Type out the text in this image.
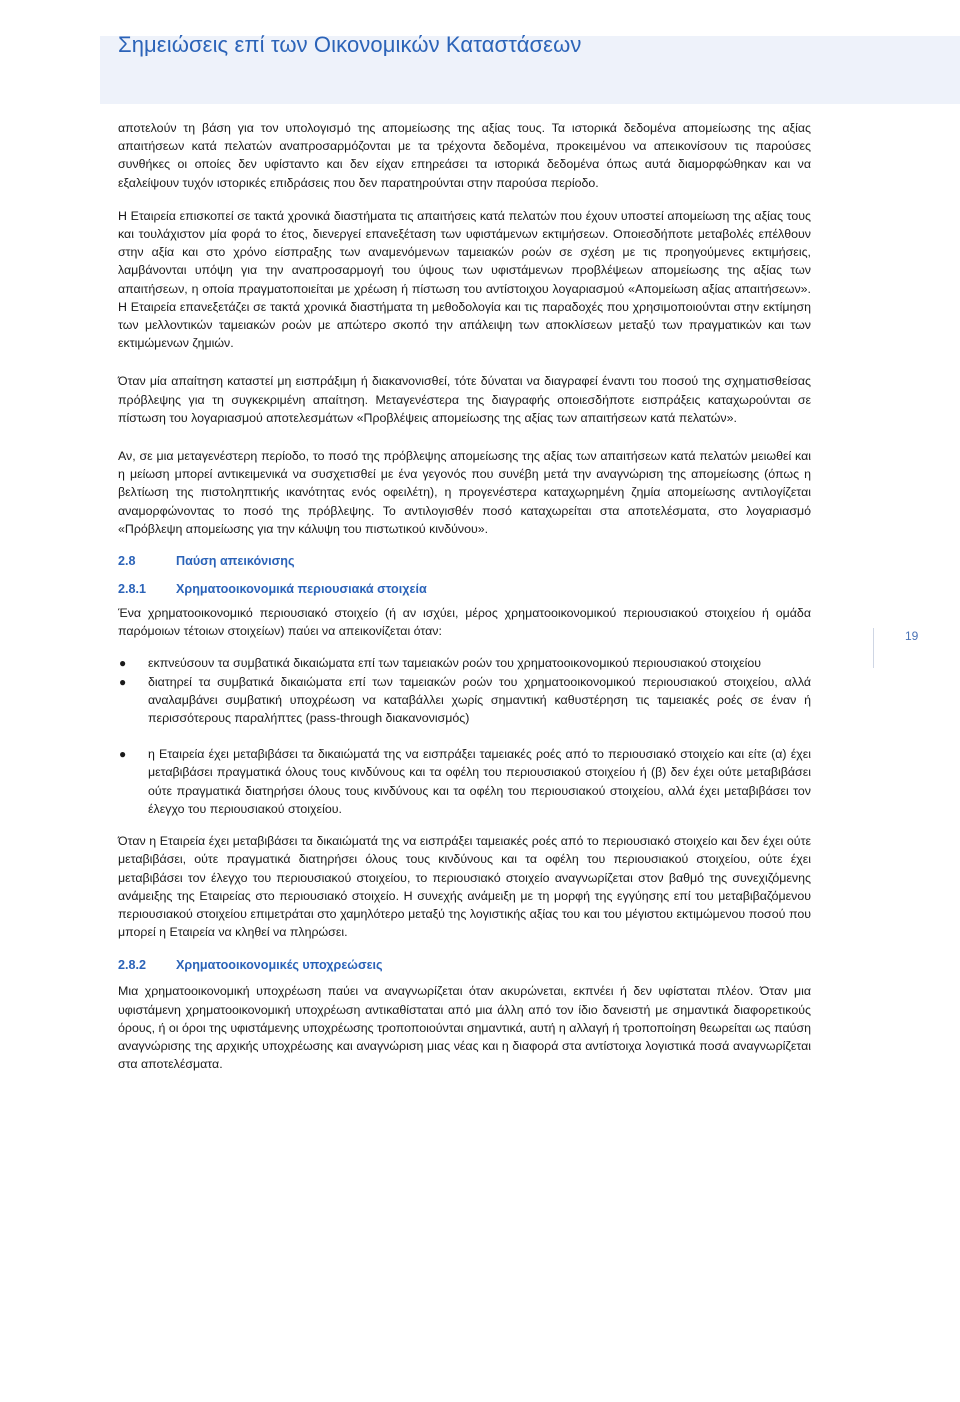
Σημειώσεις επί των Οικονομικών Καταστάσεων
19

αποτελούν τη βάση για τον υπολογισμό της απομείωσης της αξίας τους. Τα ιστορικά δεδομένα απομείωσης της αξίας απαιτήσεων κατά πελατών αναπροσαρμόζονται με τα τρέχοντα δεδομένα, προκειμένου να απεικονίσουν τις παρούσες συνθήκες οι οποίες δεν υφίσταντο και δεν είχαν επηρεάσει τα ιστορικά δεδομένα όπως αυτά διαμορφώθηκαν και να εξαλείψουν τυχόν ιστορικές επιδράσεις που δεν παρατηρούνται στην παρούσα περίοδο.

Η Εταιρεία επισκοπεί σε τακτά χρονικά διαστήματα τις απαιτήσεις κατά πελατών που έχουν υποστεί απομείωση της αξίας τους και τουλάχιστον μία φορά το έτος, διενεργεί επανεξέταση των υφιστάμενων εκτιμήσεων. Οποιεσδήποτε μεταβολές επέλθουν στην αξία και στο χρόνο είσπραξης των αναμενόμενων ταμειακών ροών σε σχέση με τις προηγούμενες εκτιμήσεις, λαμβάνονται υπόψη για την αναπροσαρμογή του ύψους των υφιστάμενων προβλέψεων απομείωσης της αξίας των απαιτήσεων, η οποία πραγματοποιείται με χρέωση ή πίστωση του αντίστοιχου λογαριασμού «Απομείωση αξίας απαιτήσεων». Η Εταιρεία επανεξετάζει σε τακτά χρονικά διαστήματα τη μεθοδολογία και τις παραδοχές που χρησιμοποιούνται στην εκτίμηση των μελλοντικών ταμειακών ροών με απώτερο σκοπό την απάλειψη των αποκλίσεων μεταξύ των πραγματικών και των εκτιμώμενων ζημιών.

Όταν μία απαίτηση καταστεί μη εισπράξιμη ή διακανονισθεί, τότε δύναται να διαγραφεί έναντι του ποσού της σχηματισθείσας πρόβλεψης για τη συγκεκριμένη απαίτηση. Μεταγενέστερα της διαγραφής οποιεσδήποτε εισπράξεις καταχωρούνται σε πίστωση του λογαριασμού αποτελεσμάτων «Προβλέψεις απομείωσης της αξίας των απαιτήσεων κατά πελατών».

Αν, σε μια μεταγενέστερη περίοδο, το ποσό της πρόβλεψης απομείωσης της αξίας των απαιτήσεων κατά πελατών μειωθεί και η μείωση μπορεί αντικειμενικά να συσχετισθεί με ένα γεγονός που συνέβη μετά την αναγνώριση της απομείωσης (όπως η βελτίωση της πιστοληπτικής ικανότητας ενός οφειλέτη), η προγενέστερα καταχωρημένη ζημία απομείωσης αντιλογίζεται αναμορφώνοντας το ποσό της πρόβλεψης. Το αντιλογισθέν ποσό καταχωρείται στα αποτελέσματα, στο λογαριασμό «Πρόβλεψη απομείωσης για την κάλυψη του πιστωτικού κινδύνου».

2.8	Παύση απεικόνισης
2.8.1 Χρηματοοικονομικά περιουσιακά στοιχεία

Ένα χρηματοοικονομικό περιουσιακό στοιχείο (ή αν ισχύει, μέρος χρηματοοικονομικού περιουσιακού στοιχείου ή ομάδα παρόμοιων τέτοιων στοιχείων) παύει να απεικονίζεται όταν:

● εκπνεύσουν τα συμβατικά δικαιώματα επί των ταμειακών ροών του χρηματοοικονομικού περιουσιακού στοιχείου
● διατηρεί τα συμβατικά δικαιώματα επί των ταμειακών ροών του χρηματοοικονομικού περιουσιακού στοιχείου, αλλά αναλαμβάνει συμβατική υποχρέωση να καταβάλλει χωρίς σημαντική καθυστέρηση τις ταμειακές ροές σε έναν ή περισσότερους παραλήπτες (pass-through διακανονισμός)
● η Εταιρεία έχει μεταβιβάσει τα δικαιώματά της να εισπράξει ταμειακές ροές από το περιουσιακό στοιχείο και είτε (α) έχει μεταβιβάσει πραγματικά όλους τους κινδύνους και τα οφέλη του περιουσιακού στοιχείου ή (β) δεν έχει ούτε μεταβιβάσει ούτε πραγματικά διατηρήσει όλους τους κινδύνους και τα οφέλη του περιουσιακού στοιχείου, αλλά έχει μεταβιβάσει τον έλεγχο του περιουσιακού στοιχείου.

Όταν η Εταιρεία έχει μεταβιβάσει τα δικαιώματά της να εισπράξει ταμειακές ροές από το περιουσιακό στοιχείο και δεν έχει ούτε μεταβιβάσει, ούτε πραγματικά διατηρήσει όλους τους κινδύνους και τα οφέλη του περιουσιακού στοιχείου, ούτε έχει μεταβιβάσει τον έλεγχο του περιουσιακού στοιχείου, το περιουσιακό στοιχείο αναγνωρίζεται στον βαθμό της συνεχιζόμενης ανάμειξης της Εταιρείας στο περιουσιακό στοιχείο. Η συνεχής ανάμειξη με τη μορφή της εγγύησης επί του μεταβιβαζόμενου περιουσιακού στοιχείου επιμετράται στο χαμηλότερο μεταξύ της λογιστικής αξίας του και του μέγιστου εκτιμώμενου ποσού που μπορεί η Εταιρεία να κληθεί να πληρώσει.

2.8.2 Χρηματοοικονομικές υποχρεώσεις

Μια χρηματοοικονομική υποχρέωση παύει να αναγνωρίζεται όταν ακυρώνεται, εκπνέει ή δεν υφίσταται πλέον. Όταν μια υφιστάμενη χρηματοοικονομική υποχρέωση αντικαθίσταται από μια άλλη από τον ίδιο δανειστή με σημαντικά διαφορετικούς όρους, ή οι όροι της υφιστάμενης υποχρέωσης τροποποιούνται σημαντικά, αυτή η αλλαγή ή τροποποίηση θεωρείται ως παύση αναγνώρισης της αρχικής υποχρέωσης και αναγνώριση μιας νέας και η διαφορά στα αντίστοιχα λογιστικά ποσά αναγνωρίζεται στα αποτελέσματα.
